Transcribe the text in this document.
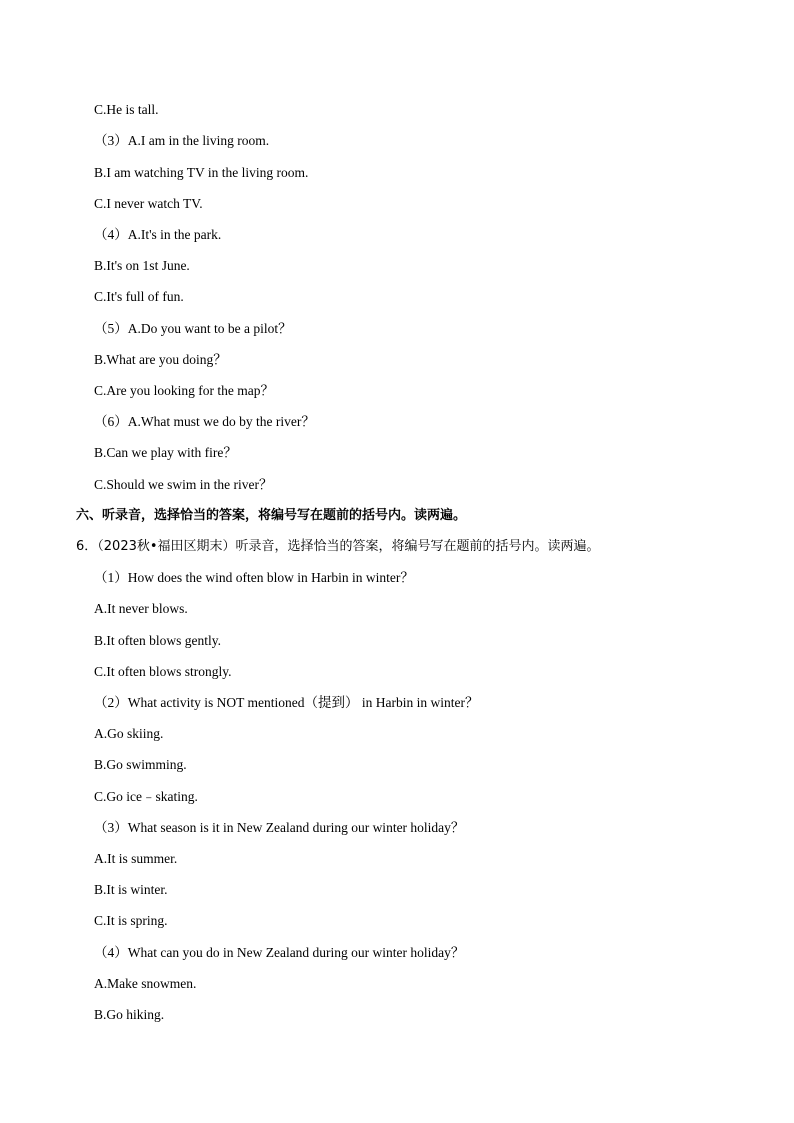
C.He is tall.
（3）A.I am in the living room.
B.I am watching TV in the living room.
C.I never watch TV.
（4）A.It's in the park.
B.It's on 1st June.
C.It's full of fun.
（5）A.Do you want to be a pilot？
B.What are you doing？
C.Are you looking for the map？
（6）A.What must we do by the river？
B.Can we play with fire？
C.Should we swim in the river？
六、听录音，选择恰当的答案，将编号写在题前的括号内。读两遍。
6．（2023秋•福田区期末）听录音，选择恰当的答案，将编号写在题前的括号内。读两遍。
（1）How does the wind often blow in Harbin in winter？
A.It never blows.
B.It often blows gently.
C.It often blows strongly.
（2）What activity is NOT mentioned（提到） in Harbin in winter？
A.Go skiing.
B.Go swimming.
C.Go ice﹣skating.
（3）What season is it in New Zealand during our winter holiday？
A.It is summer.
B.It is winter.
C.It is spring.
（4）What can you do in New Zealand during our winter holiday？
A.Make snowmen.
B.Go hiking.
